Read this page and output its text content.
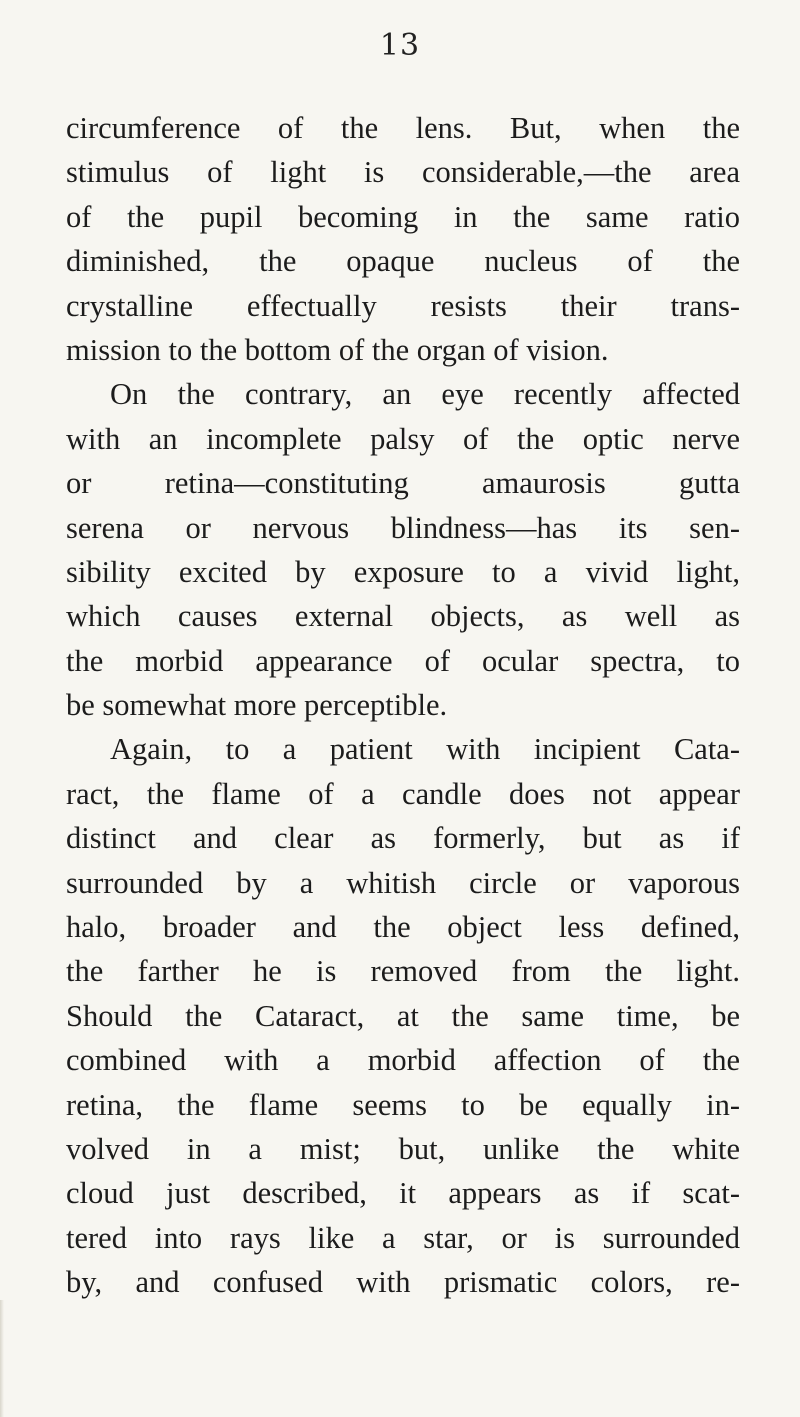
13
circumference of the lens. But, when the
stimulus of light is considerable,—the area
of the pupil becoming in the same ratio
diminished, the opaque nucleus of the
crystalline effectually resists their trans-
mission to the bottom of the organ of vision.
On the contrary, an eye recently affected
with an incomplete palsy of the optic nerve
or retina—constituting amaurosis gutta
serena or nervous blindness—has its sen-
sibility excited by exposure to a vivid light,
which causes external objects, as well as
the morbid appearance of ocular spectra, to
be somewhat more perceptible.
Again, to a patient with incipient Cata-
ract, the flame of a candle does not appear
distinct and clear as formerly, but as if
surrounded by a whitish circle or vaporous
halo, broader and the object less defined,
the farther he is removed from the light.
Should the Cataract, at the same time, be
combined with a morbid affection of the
retina, the flame seems to be equally in-
volved in a mist; but, unlike the white
cloud just described, it appears as if scat-
tered into rays like a star, or is surrounded
by, and confused with prismatic colors, re-
